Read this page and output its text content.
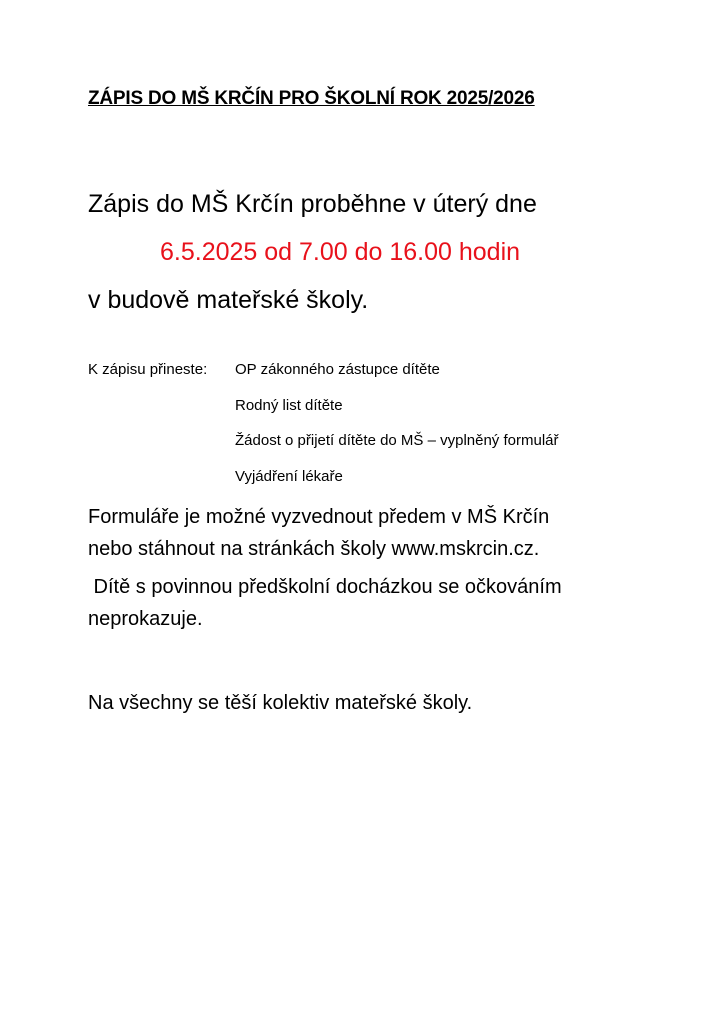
ZÁPIS DO MŠ KRČÍN PRO ŠKOLNÍ ROK 2025/2026
Zápis do MŠ Krčín proběhne v úterý dne
6.5.2025 od 7.00 do 16.00 hodin
v budově mateřské školy.
K zápisu přineste: OP zákonného zástupce dítěte
Rodný list dítěte
Žádost o přijetí dítěte do MŠ – vyplněný formulář
Vyjádření lékaře
Formuláře je možné vyzvednout předem v MŠ Krčín
nebo stáhnout na stránkách školy www.mskrcin.cz.
Dítě s povinnou předškolní docházkou se očkováním
neprokazuje.
Na všechny se těší kolektiv mateřské školy.
